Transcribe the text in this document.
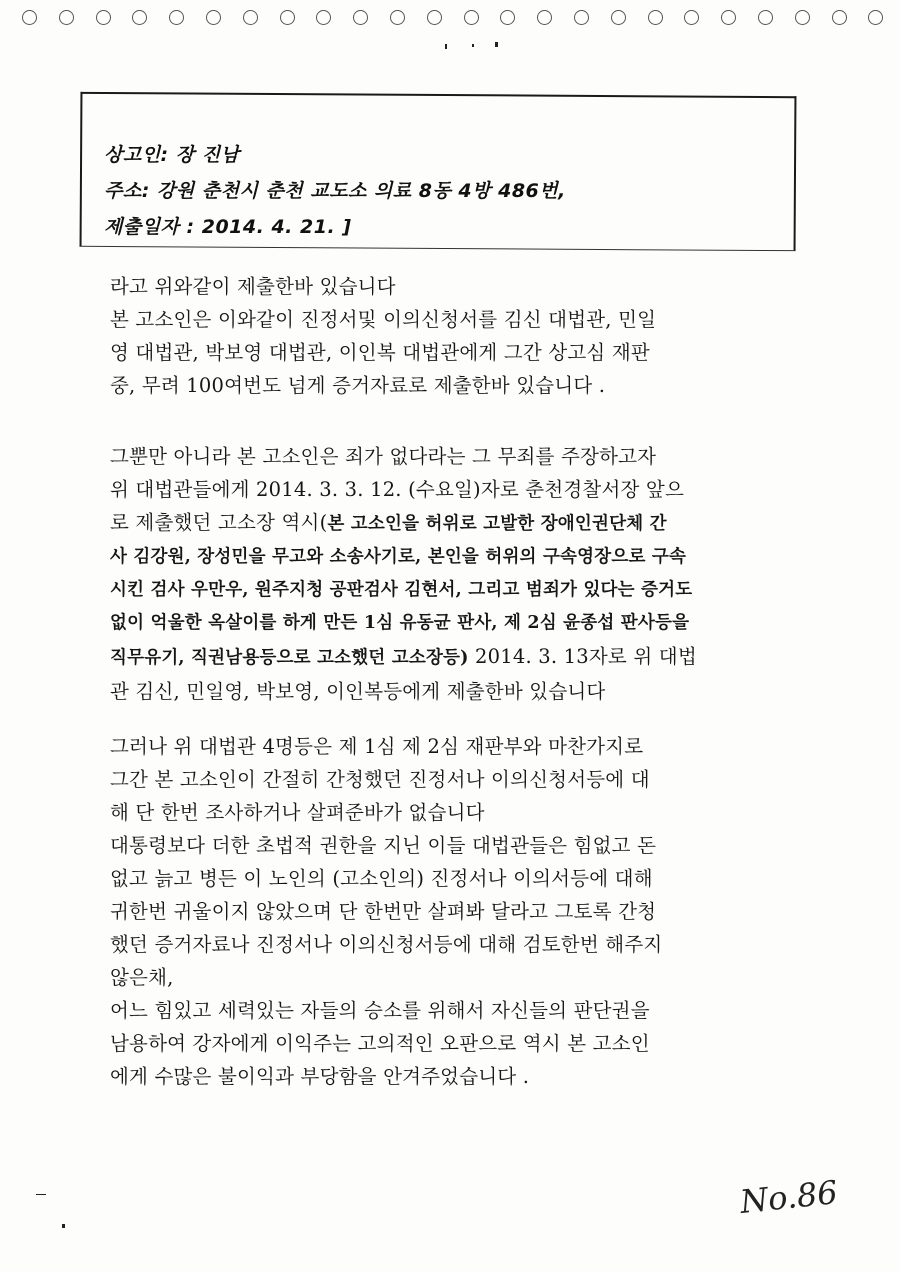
상고인: 장 진남
주소: 강원 춘천시 춘천 교도소 의료 8동 4방 486번,
제출일자 : 2014. 4. 21. ]
라고 위와같이 제출한바 있습니다
본 고소인은 이와같이 진정서및 이의신청서를 김신 대법관, 민일
영 대법관, 박보영 대법관, 이인복 대법관에게 그간 상고심 재판
중, 무려 100여번도 넘게 증거자료로 제출한바 있습니다 .
그뿐만 아니라 본 고소인은 죄가 없다라는 그 무죄를 주장하고자
위 대법관들에게 2014. 3. 3. 12. (수요일)자로 춘천경찰서장 앞으
로 제출했던 고소장 역시(본 고소인을 허위로 고발한 장애인권단체 간
사 김강원, 장성민을 무고와 소송사기로, 본인을 허위의 구속영장으로 구속
시킨 검사 우만우, 원주지청 공판검사 김현서, 그리고 범죄가 있다는 증거도
없이 억울한 옥살이를 하게 만든 1심 유동균 판사, 제 2심 윤종섭 판사등을
직무유기, 직권남용등으로 고소했던 고소장등) 2014. 3. 13자로 위 대법
관 김신, 민일영, 박보영, 이인복등에게 제출한바 있습니다
그러나 위 대법관 4명등은 제 1심 제 2심 재판부와 마찬가지로
그간 본 고소인이 간절히 간청했던 진정서나 이의신청서등에 대
해 단 한번 조사하거나 살펴준바가 없습니다
대통령보다 더한 초법적 권한을 지닌 이들 대법관들은 힘없고 돈
없고 늙고 병든 이 노인의 (고소인의) 진정서나 이의서등에 대해
귀한번 귀울이지 않았으며 단 한번만 살펴봐 달라고 그토록 간청
했던 증거자료나 진정서나 이의신청서등에 대해 검토한번 해주지
않은채,
어느 힘있고 세력있는 자들의 승소를 위해서 자신들의 판단권을
남용하여 강자에게 이익주는 고의적인 오판으로 역시 본 고소인
에게 수많은 불이익과 부당함을 안겨주었습니다 .
No.86
